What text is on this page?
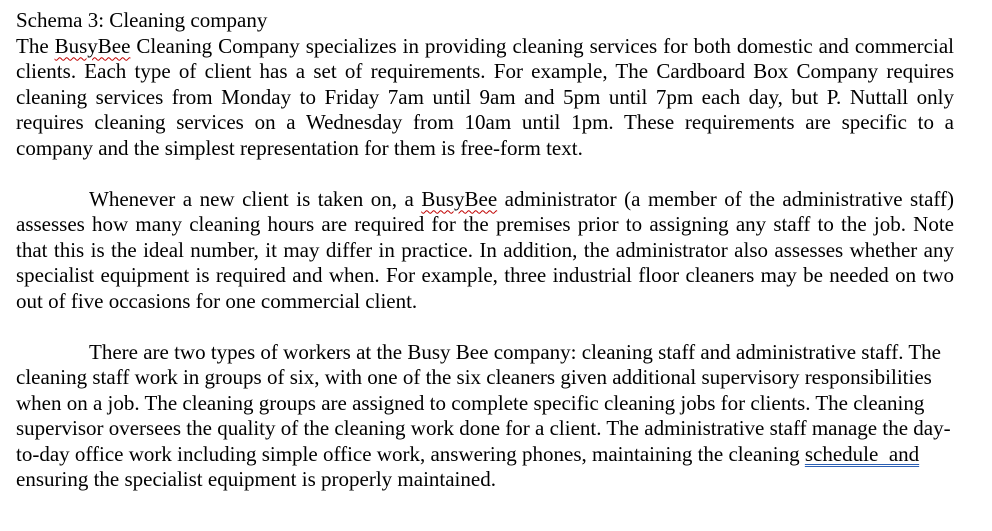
Schema 3: Cleaning company

The BusyBee Cleaning Company specializes in providing cleaning services for both domestic and commercial clients. Each type of client has a set of requirements. For example, The Cardboard Box Company requires cleaning services from Monday to Friday 7am until 9am and 5pm until 7pm each day, but P. Nuttall only requires cleaning services on a Wednesday from 10am until 1pm. These requirements are specific to a company and the simplest representation for them is free-form text.

Whenever a new client is taken on, a BusyBee administrator (a member of the administrative staff) assesses how many cleaning hours are required for the premises prior to assigning any staff to the job. Note that this is the ideal number, it may differ in practice. In addition, the administrator also assesses whether any specialist equipment is required and when. For example, three industrial floor cleaners may be needed on two out of five occasions for one commercial client.

There are two types of workers at the Busy Bee company: cleaning staff and administrative staff. The cleaning staff work in groups of six, with one of the six cleaners given additional supervisory responsibilities when on a job. The cleaning groups are assigned to complete specific cleaning jobs for clients. The cleaning supervisor oversees the quality of the cleaning work done for a client. The administrative staff manage the day-to-day office work including simple office work, answering phones, maintaining the cleaning schedule  and ensuring the specialist equipment is properly maintained.
